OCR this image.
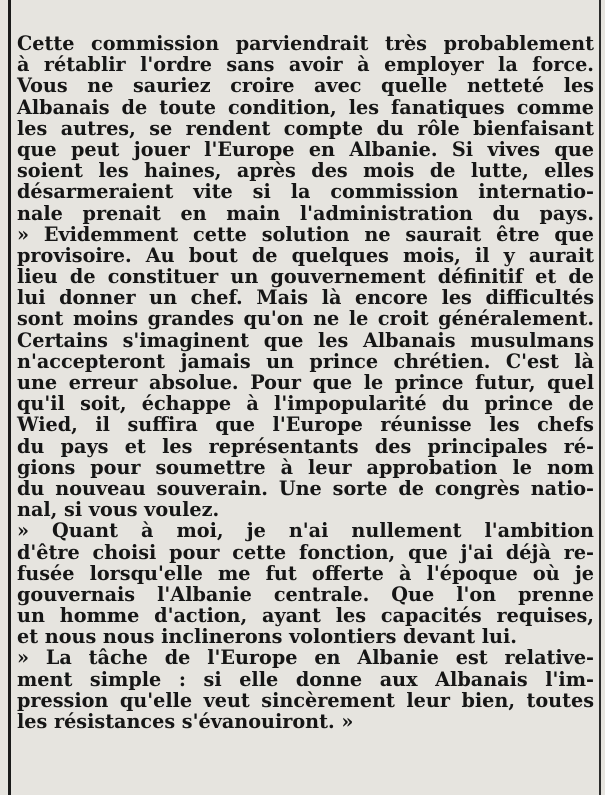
Cette commission parviendrait très probablement
à rétablir l'ordre sans avoir à employer la force.
Vous ne sauriez croire avec quelle netteté les
Albanais de toute condition, les fanatiques comme
les autres, se rendent compte du rôle bienfaisant
que peut jouer l'Europe en Albanie. Si vives que
soient les haines, après des mois de lutte, elles
désarmeraient vite si la commission internatio-
nale prenait en main l'administration du pays.
» Evidemment cette solution ne saurait être que
provisoire. Au bout de quelques mois, il y aurait
lieu de constituer un gouvernement définitif et de
lui donner un chef. Mais là encore les difficultés
sont moins grandes qu'on ne le croit généralement.
Certains s'imaginent que les Albanais musulmans
n'accepteront jamais un prince chrétien. C'est là
une erreur absolue. Pour que le prince futur, quel
qu'il soit, échappe à l'impopularité du prince de
Wied, il suffira que l'Europe réunisse les chefs
du pays et les représentants des principales ré-
gions pour soumettre à leur approbation le nom
du nouveau souverain. Une sorte de congrès natio-
nal, si vous voulez.
» Quant à moi, je n'ai nullement l'ambition
d'être choisi pour cette fonction, que j'ai déjà re-
fusée lorsqu'elle me fut offerte à l'époque où je
gouvernais l'Albanie centrale. Que l'on prenne
un homme d'action, ayant les capacités requises,
et nous nous inclinerons volontiers devant lui.
» La tâche de l'Europe en Albanie est relative-
ment simple : si elle donne aux Albanais l'im-
pression qu'elle veut sincèrement leur bien, toutes
les résistances s'évanouiront. »
